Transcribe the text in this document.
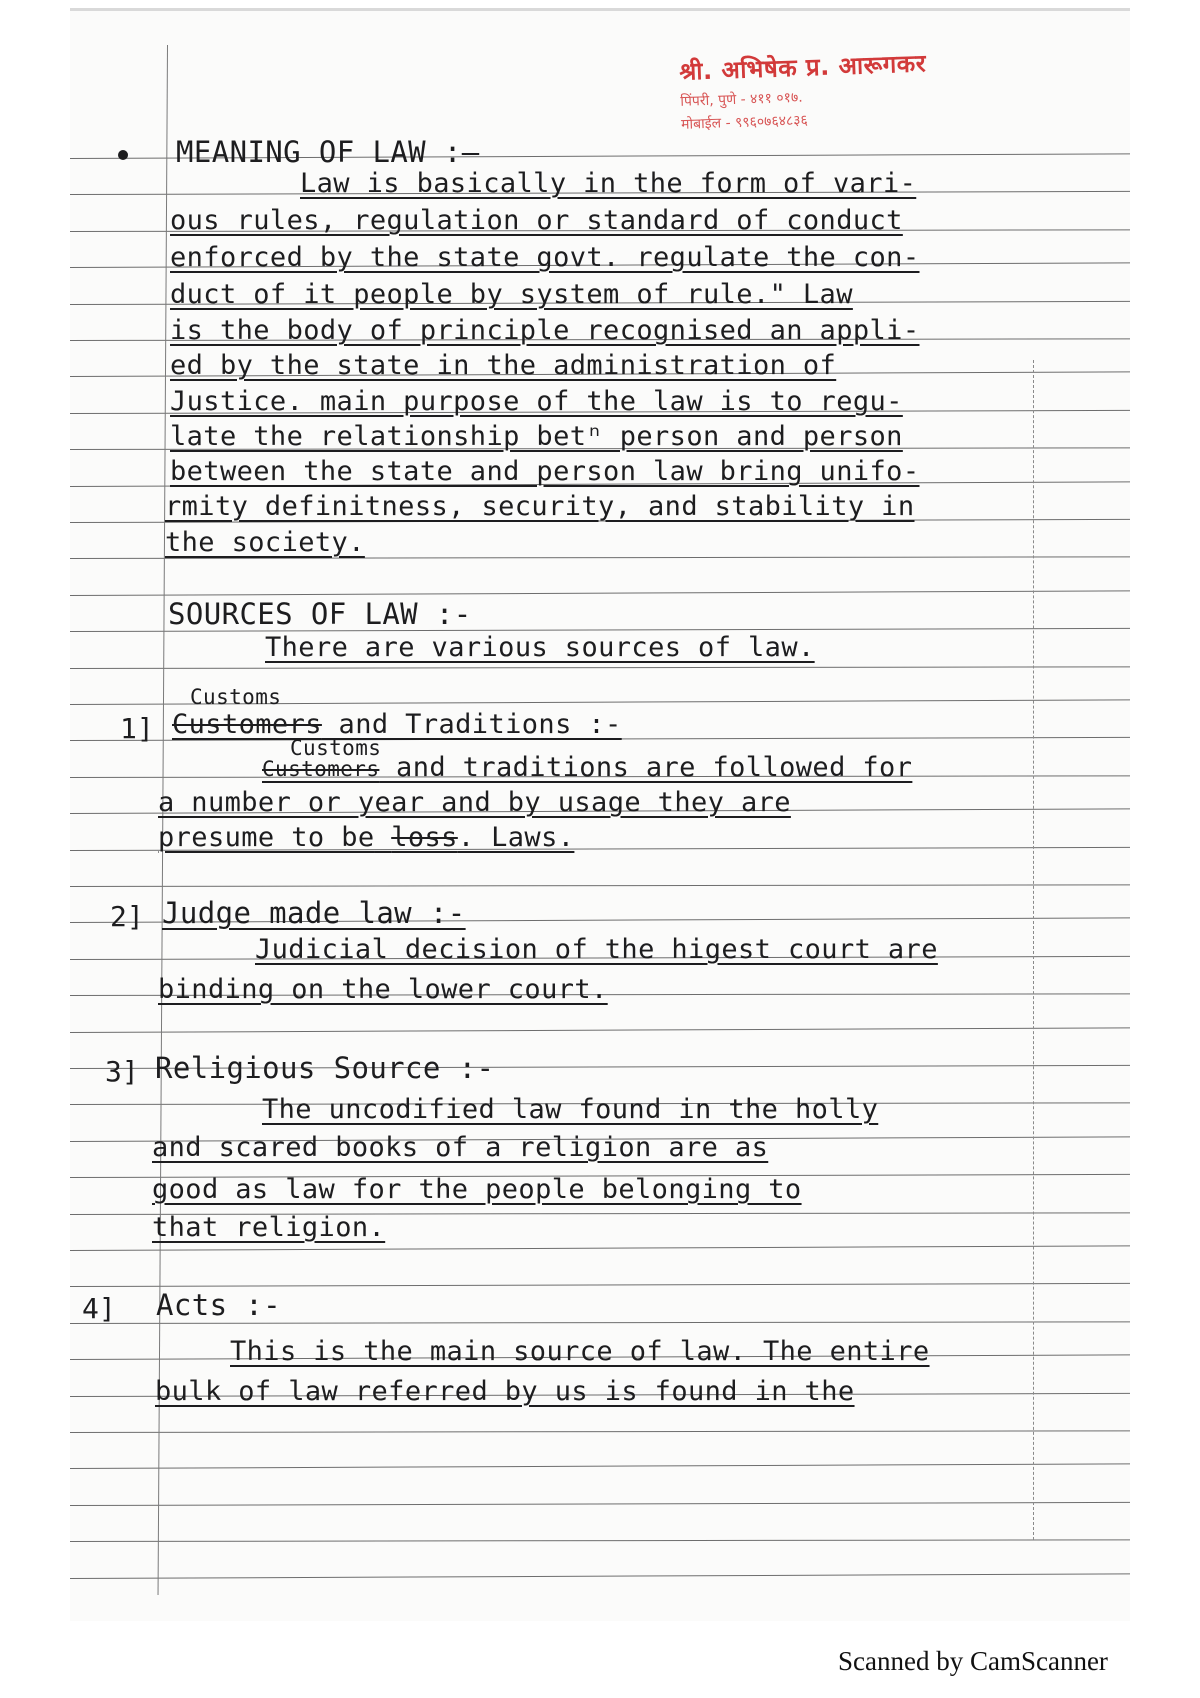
श्री. अभिषेक प्र. आरूगकर
पिंपरी, पुणे - ४११ ०१७.
मोबाईल - ९९६०७६४८३६
MEANING OF LAW :—
Law is basically in the form of vari-
ous rules, regulation or standard of conduct
enforced by the state govt. regulate the con-
duct of it people by system of rule." Law
is the body of principle recognised an appli-
ed by the state in the administration of
Justice. main purpose of the law is to regu-
late the relationship betⁿ person and person
between the state and person law bring unifo-
rmity definitness, security, and stability in
the society.
SOURCES OF LAW :-
There are various sources of law.
Customs
1] Customers and Traditions :-
Customs
Customers and traditions are followed for
a number or year and by usage they are
presume to be loss. Laws.
2] Judge made law :-
Judicial decision of the higest court are
binding on the lower court.
3] Religious Source :-
The uncodified law found in the holly
and scared books of a religion are as
good as law for the people belonging to
that religion.
4] Acts :-
This is the main source of law. The entire
bulk of law referred by us is found in the
Scanned by CamScanner
